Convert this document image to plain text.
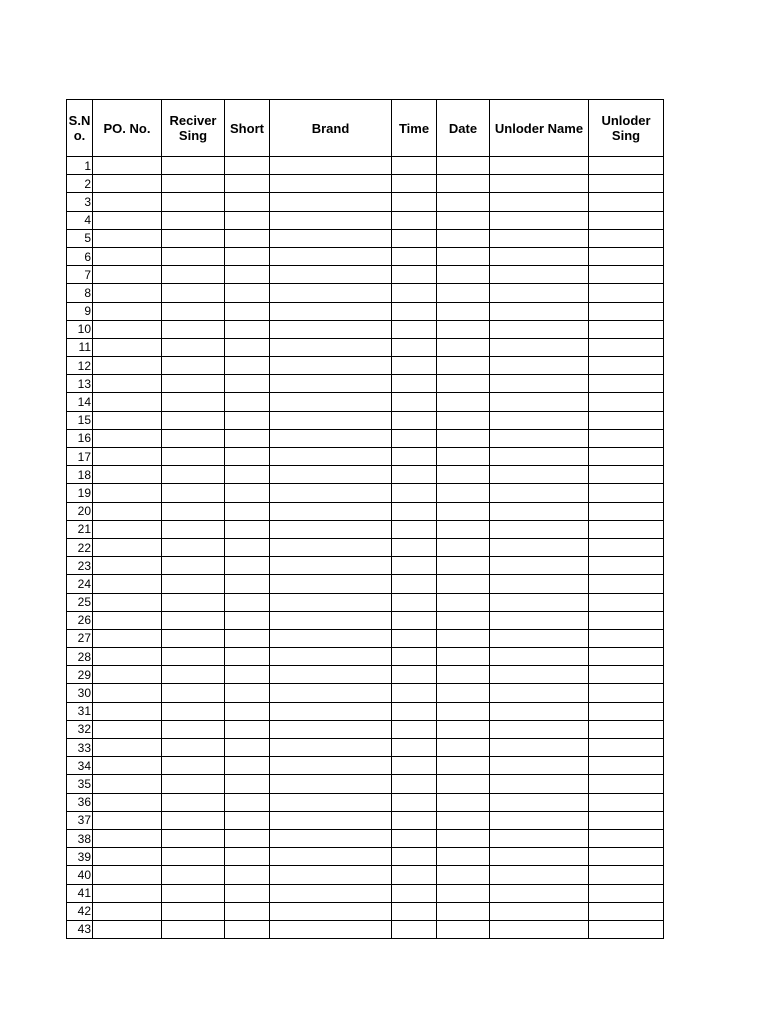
S.N o.	PO. No.	Reciver Sing	Short	Brand	Time	Date	Unloder Name	Unloder Sing

1								
2								
3								
4								
5								
6								
7								
8								
9								
10								
11								
12								
13								
14								
15								
16								
17								
18								
19								
20								
21								
22								
23								
24								
25								
26								
27								
28								
29								
30								
31								
32								
33								
34								
35								
36								
37								
38								
39								
40								
41								
42								
43								
